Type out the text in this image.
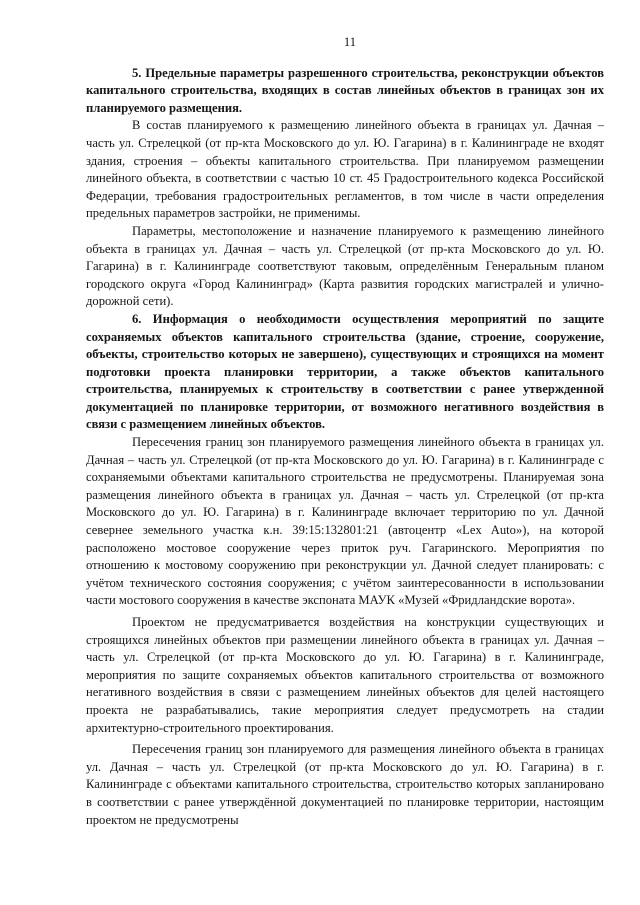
11

5. Предельные параметры разрешенного строительства, реконструкции объектов капитального строительства, входящих в состав линейных объектов в границах зон их планируемого размещения.

В состав планируемого к размещению линейного объекта в границах ул. Дачная – часть ул. Стрелецкой (от пр-кта Московского до ул. Ю. Гагарина) в г. Калининграде не входят здания, строения – объекты капитального строительства. При планируемом размещении линейного объекта, в соответствии с частью 10 ст. 45 Градостроительного кодекса Российской Федерации, требования градостроительных регламентов, в том числе в части определения предельных параметров застройки, не применимы.

Параметры, местоположение и назначение планируемого к размещению линейного объекта в границах ул. Дачная – часть ул. Стрелецкой (от пр-кта Московского до ул. Ю. Гагарина) в г. Калининграде соответствуют таковым, определённым Генеральным планом городского округа «Город Калининград» (Карта развития городских магистралей и улично-дорожной сети).

6. Информация о необходимости осуществления мероприятий по защите сохраняемых объектов капитального строительства (здание, строение, сооружение, объекты, строительство которых не завершено), существующих и строящихся на момент подготовки проекта планировки территории, а также объектов капитального строительства, планируемых к строительству в соответствии с ранее утвержденной документацией по планировке территории, от возможного негативного воздействия в связи с размещением линейных объектов.

Пересечения границ зон планируемого размещения линейного объекта в границах ул. Дачная – часть ул. Стрелецкой (от пр-кта Московского до ул. Ю. Гагарина) в г. Калининграде с сохраняемыми объектами капитального строительства не предусмотрены. Планируемая зона размещения линейного объекта в границах ул. Дачная – часть ул. Стрелецкой (от пр-кта Московского до ул. Ю. Гагарина) в г. Калининграде включает территорию по ул. Дачной севернее земельного участка к.н. 39:15:132801:21 (автоцентр «Lex Auto»), на которой расположено мостовое сооружение через приток руч. Гагаринского. Мероприятия по отношению к мостовому сооружению при реконструкции ул. Дачной следует планировать: с учётом технического состояния сооружения; с учётом заинтересованности в использовании части мостового сооружения в качестве экспоната МАУК «Музей «Фридландские ворота».

Проектом не предусматривается воздействия на конструкции существующих и строящихся линейных объектов при размещении линейного объекта в границах ул. Дачная – часть ул. Стрелецкой (от пр-кта Московского до ул. Ю. Гагарина) в г. Калининграде, мероприятия по защите сохраняемых объектов капитального строительства от возможного негативного воздействия в связи с размещением линейных объектов для целей настоящего проекта не разрабатывались, такие мероприятия следует предусмотреть на стадии архитектурно-строительного проектирования.

Пересечения границ зон планируемого для размещения линейного объекта в границах ул. Дачная – часть ул. Стрелецкой (от пр-кта Московского до ул. Ю. Гагарина) в г. Калининграде с объектами капитального строительства, строительство которых запланировано в соответствии с ранее утверждённой документацией по планировке территории, настоящим проектом не предусмотрены
